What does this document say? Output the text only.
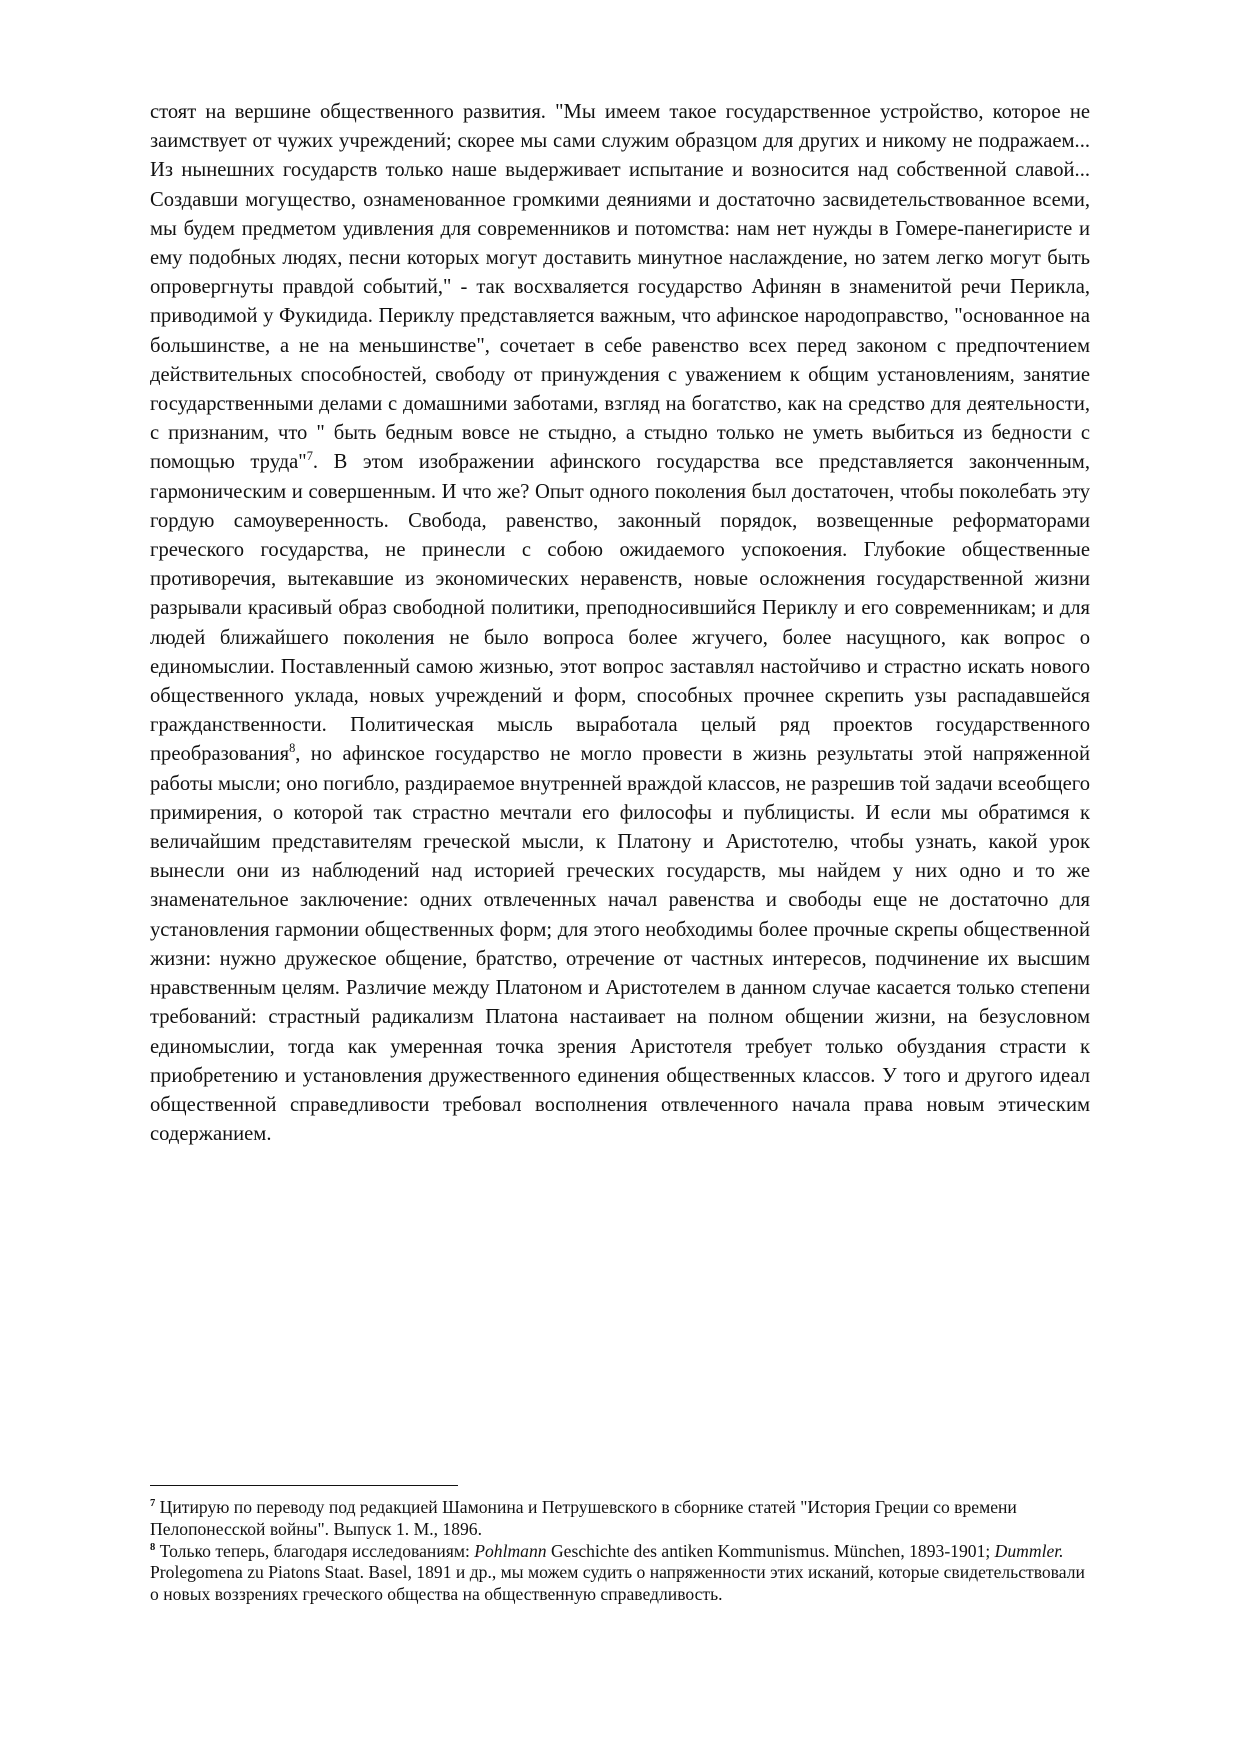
стоят на вершине общественного развития. "Мы имеем такое государственное устройство, которое не заимствует от чужих учреждений; скорее мы сами служим образцом для других и никому не подражаем... Из нынешних государств только наше выдерживает испытание и возносится над собственной славой... Создавши могущество, ознаменованное громкими деяниями и достаточно засвидетельствованное всеми, мы будем предметом удивления для современников и потомства: нам нет нужды в Гомере-панегиристе и ему подобных людях, песни которых могут доставить минутное наслаждение, но затем легко могут быть опровергнуты правдой событий," - так восхваляется государство Афинян в знаменитой речи Перикла, приводимой у Фукидида. Периклу представляется важным, что афинское народоправство, "основанное на большинстве, а не на меньшинстве", сочетает в себе равенство всех перед законом с предпочтением действительных способностей, свободу от принуждения с уважением к общим установлениям, занятие государственными делами с домашними заботами, взгляд на богатство, как на средство для деятельности, с признаним, что " быть бедным вовсе не стыдно, а стыдно только не уметь выбиться из бедности с помощью труда"$^7$. В этом изображении афинского государства все представляется законченным, гармоническим и совершенным. И что же? Опыт одного поколения был достаточен, чтобы поколебать эту гордую самоуверенность. Свобода, равенство, законный порядок, возвещенные реформаторами греческого государства, не принесли с собою ожидаемого успокоения. Глубокие общественные противоречия, вытекавшие из экономических неравенств, новые осложнения государственной жизни разрывали красивый образ свободной политики, преподносившийся Периклу и его современникам; и для людей ближайшего поколения не было вопроса более жгучего, более насущного, как вопрос о единомыслии. Поставленный самою жизнью, этот вопрос заставлял настойчиво и страстно искать нового общественного уклада, новых учреждений и форм, способных прочнее скрепить узы распадавшейся гражданственности. Политическая мысль выработала целый ряд проектов государственного преобразования$^8$, но афинское государство не могло провести в жизнь результаты этой напряженной работы мысли; оно погибло, раздираемое внутренней враждой классов, не разрешив той задачи всеобщего примирения, о которой так страстно мечтали его философы и публицисты. И если мы обратимся к величайшим представителям греческой мысли, к Платону и Аристотелю, чтобы узнать, какой урок вынесли они из наблюдений над историей греческих государств, мы найдем у них одно и то же знаменательное заключение: одних отвлеченных начал равенства и свободы еще не достаточно для установления гармонии общественных форм; для этого необходимы более прочные скрепы общественной жизни: нужно дружеское общение, братство, отречение от частных интересов, подчинение их высшим нравственным целям. Различие между Платоном и Аристотелем в данном случае касается только степени требований: страстный радикализм Платона настаивает на полном общении жизни, на безусловном единомыслии, тогда как умеренная точка зрения Аристотеля требует только обуздания страсти к приобретению и установления дружественного единения общественных классов. У того и другого идеал общественной справедливости требовал восполнения отвлеченного начала права новым этическим содержанием.

$^7$ Цитирую по переводу под редакцией Шамонина и Петрушевского в сборнике статей "История Греции со времени Пелопонесской войны". Выпуск 1. М., 1896.

$^8$ Только теперь, благодаря исследованиям: Pohlmann Geschichte des antiken Kommunismus. München, 1893-1901; Dummler. Prolegomena zu Piatons Staat. Basel, 1891 и др., мы можем судить о напряженности этих исканий, которые свидетельствовали о новых воззрениях греческого общества на общественную справедливость.
